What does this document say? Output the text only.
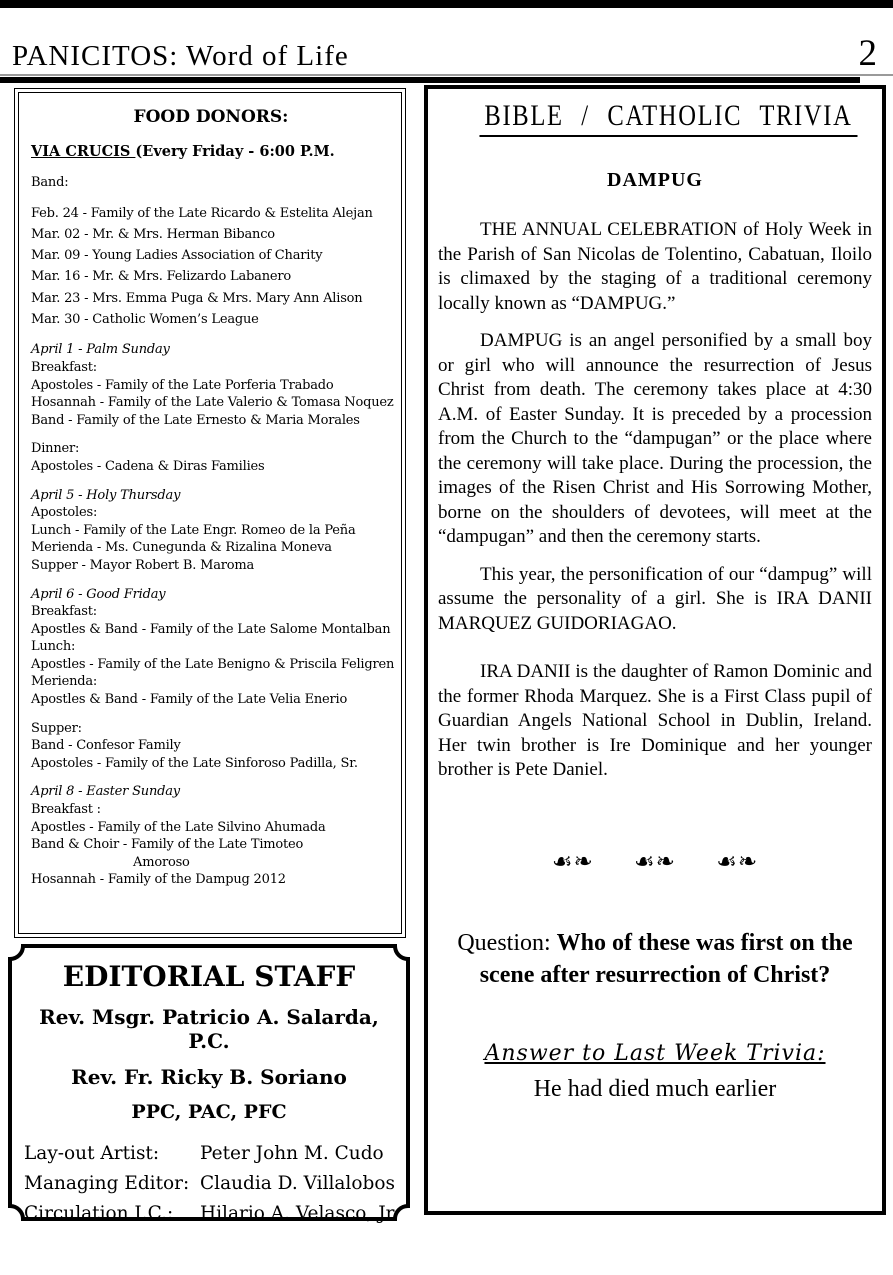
PANICITOS: Word of Life	2
FOOD DONORS:
VIA CRUCIS (Every Friday - 6:00 P.M.
Band:
Feb. 24 - Family of the Late Ricardo & Estelita Alejan
Mar. 02 - Mr. & Mrs. Herman Bibanco
Mar. 09 - Young Ladies Association of Charity
Mar. 16 - Mr. & Mrs. Felizardo Labanero
Mar. 23 - Mrs. Emma Puga & Mrs. Mary Ann Alison
Mar. 30 - Catholic Women’s League
April 1 - Palm Sunday
Breakfast:
Apostoles - Family of the Late Porferia Trabado
Hosannah - Family of the Late Valerio & Tomasa Noquez
Band - Family of the Late Ernesto & Maria Morales
Dinner:
Apostoles - Cadena & Diras Families
April 5 - Holy Thursday
Apostoles:
Lunch - Family of the Late Engr. Romeo de la Peña
Merienda - Ms. Cunegunda & Rizalina Moneva
Supper - Mayor Robert B. Maroma
April 6 - Good Friday
Breakfast:
Apostles & Band - Family of the Late Salome Montalban
Lunch:
Apostles - Family of the Late Benigno & Priscila Feligren
Merienda:
Apostles & Band - Family of the Late Velia Enerio
Supper:
Band - Confesor Family
Apostoles - Family of the Late Sinforoso Padilla, Sr.
April 8 - Easter Sunday
Breakfast :
Apostles - Family of the Late Silvino Ahumada
Band & Choir - Family of the Late Timoteo
Amoroso
Hosannah - Family of the Dampug 2012
EDITORIAL STAFF
Rev. Msgr. Patricio A. Salarda, P.C.
Rev. Fr. Ricky B. Soriano
PPC, PAC, PFC
Lay-out Artist:	Peter John M. Cudo
Managing Editor: Claudia D. Villalobos
Circulation I.C.:	Hilario A. Velasco, Jr.
BIBLE / CATHOLIC TRIVIA
DAMPUG
THE ANNUAL CELEBRATION of Holy Week in the Parish of San Nicolas de Tolentino, Cabatuan, Iloilo is climaxed by the staging of a traditional ceremony locally known as “DAMPUG.”
DAMPUG is an angel personified by a small boy or girl who will announce the resurrection of Jesus Christ from death. The ceremony takes place at 4:30 A.M. of Easter Sunday. It is preceded by a procession from the Church to the “dampugan” or the place where the ceremony will take place. During the procession, the images of the Risen Christ and His Sorrowing Mother, borne on the shoulders of devotees, will meet at the “dampugan” and then the ceremony starts.
This year, the personification of our “dampug” will assume the personality of a girl. She is IRA DANII MARQUEZ GUIDORIAGAO.
IRA DANII is the daughter of Ramon Dominic and the former Rhoda Marquez. She is a First Class pupil of Guardian Angels National School in Dublin, Ireland. Her twin brother is Ire Dominique and her younger brother is Pete Daniel.
☙❧ ☙❧ ☙❧
Question: Who of these was first on the scene after resurrection of Christ?
Answer to Last Week Trivia:
He had died much earlier
